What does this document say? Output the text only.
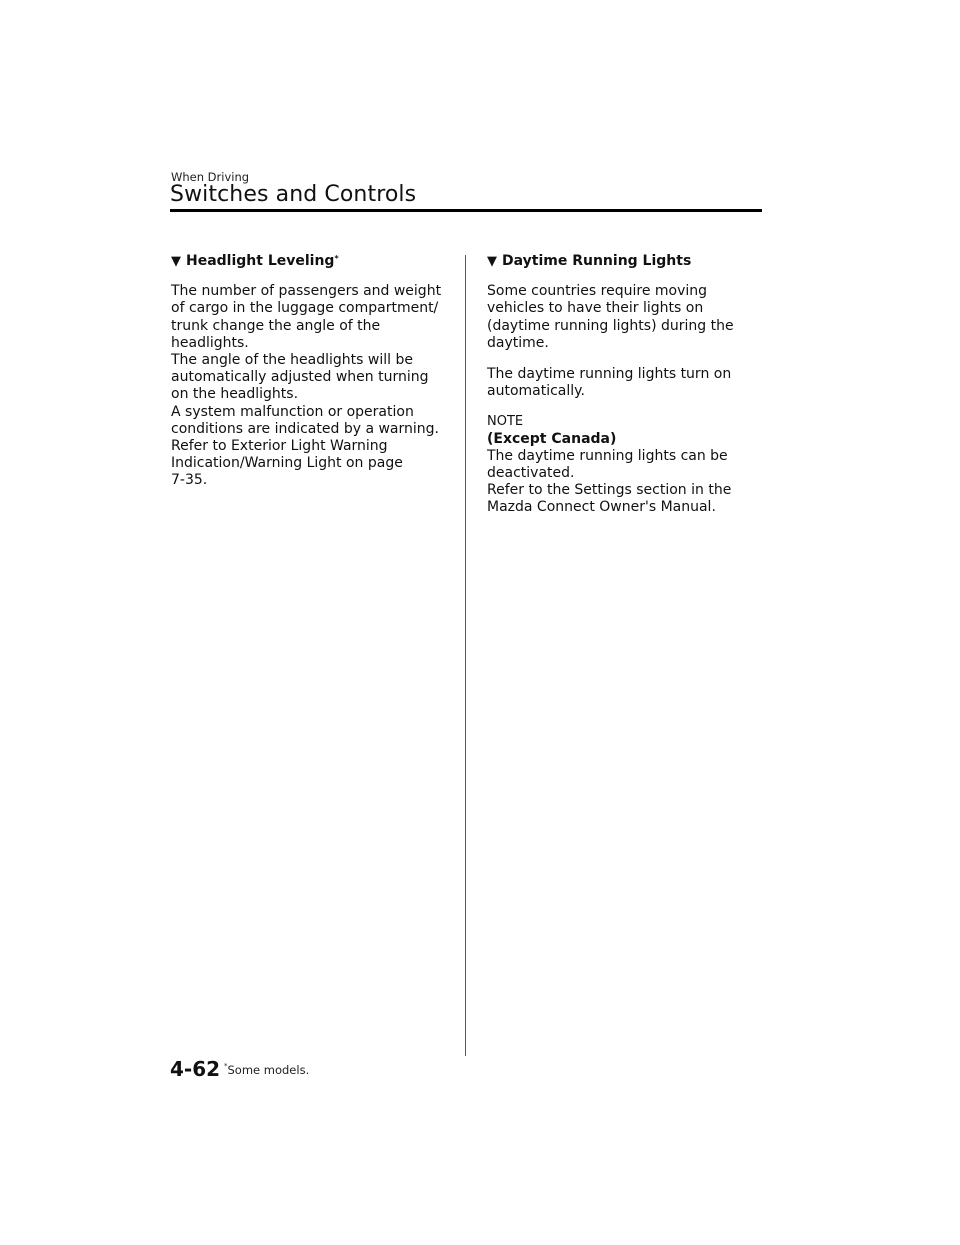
When Driving
Switches and Controls
▼ Headlight Leveling*

The number of passengers and weight
of cargo in the luggage compartment/
trunk change the angle of the
headlights.
The angle of the headlights will be
automatically adjusted when turning
on the headlights.
A system malfunction or operation
conditions are indicated by a warning.
Refer to Exterior Light Warning
Indication/Warning Light on page
7-35.

▼ Daytime Running Lights

Some countries require moving
vehicles to have their lights on
(daytime running lights) during the
daytime.

The daytime running lights turn on
automatically.

NOTE
(Except Canada)

The daytime running lights can be
deactivated.
Refer to the Settings section in the
Mazda Connect Owner's Manual.

4-62 *Some models.
